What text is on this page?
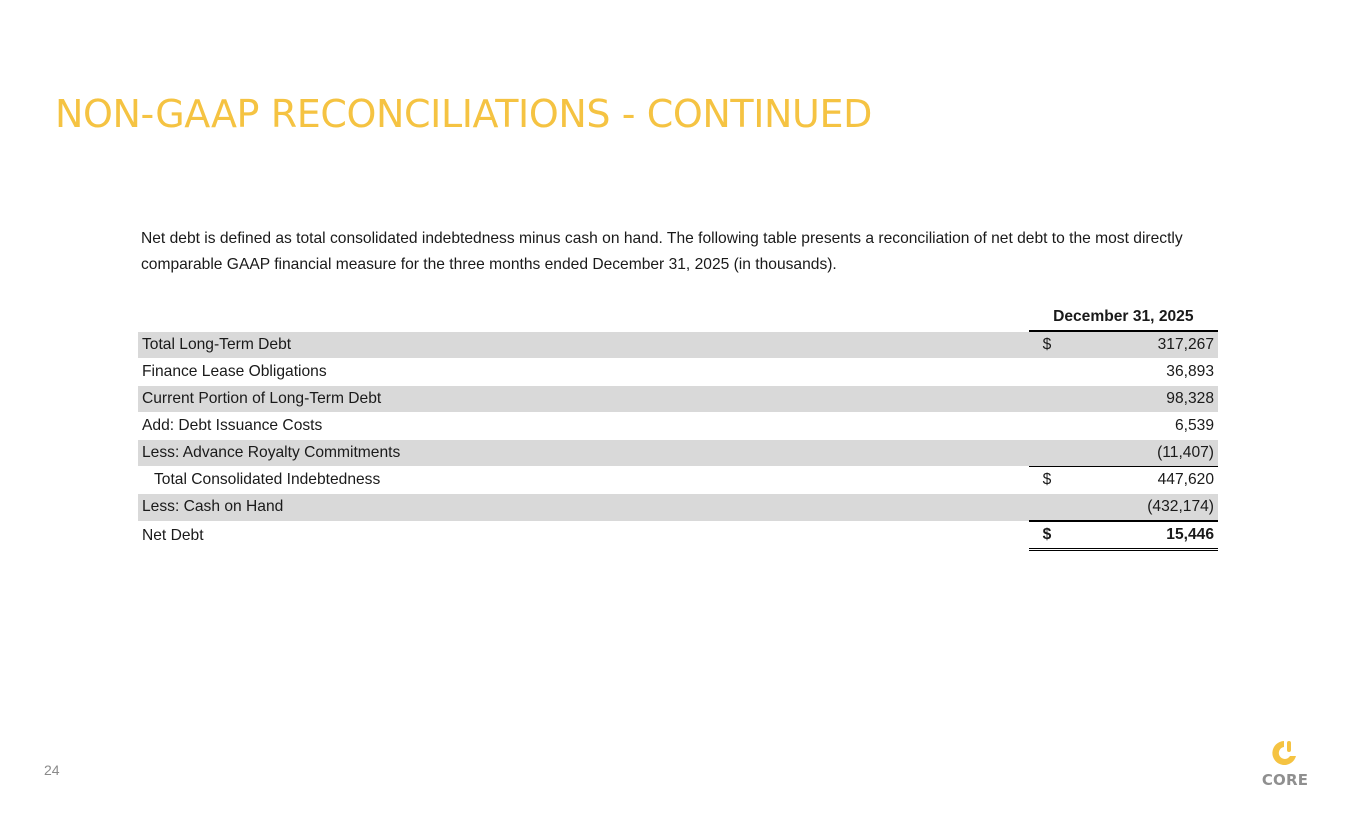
NON-GAAP RECONCILIATIONS - CONTINUED

Net debt is defined as total consolidated indebtedness minus cash on hand. The following table presents a reconciliation of net debt to the most directly comparable GAAP financial measure for the three months ended December 31, 2025 (in thousands).

	December 31, 2025	
Total Long-Term Debt	$	317,267
Finance Lease Obligations		36,893
Current Portion of Long-Term Debt		98,328
Add: Debt Issuance Costs		6,539
Less: Advance Royalty Commitments		(11,407)
Total Consolidated Indebtedness	$	447,620
Less: Cash on Hand		(432,174)
Net Debt	$	15,446
24
CORE
